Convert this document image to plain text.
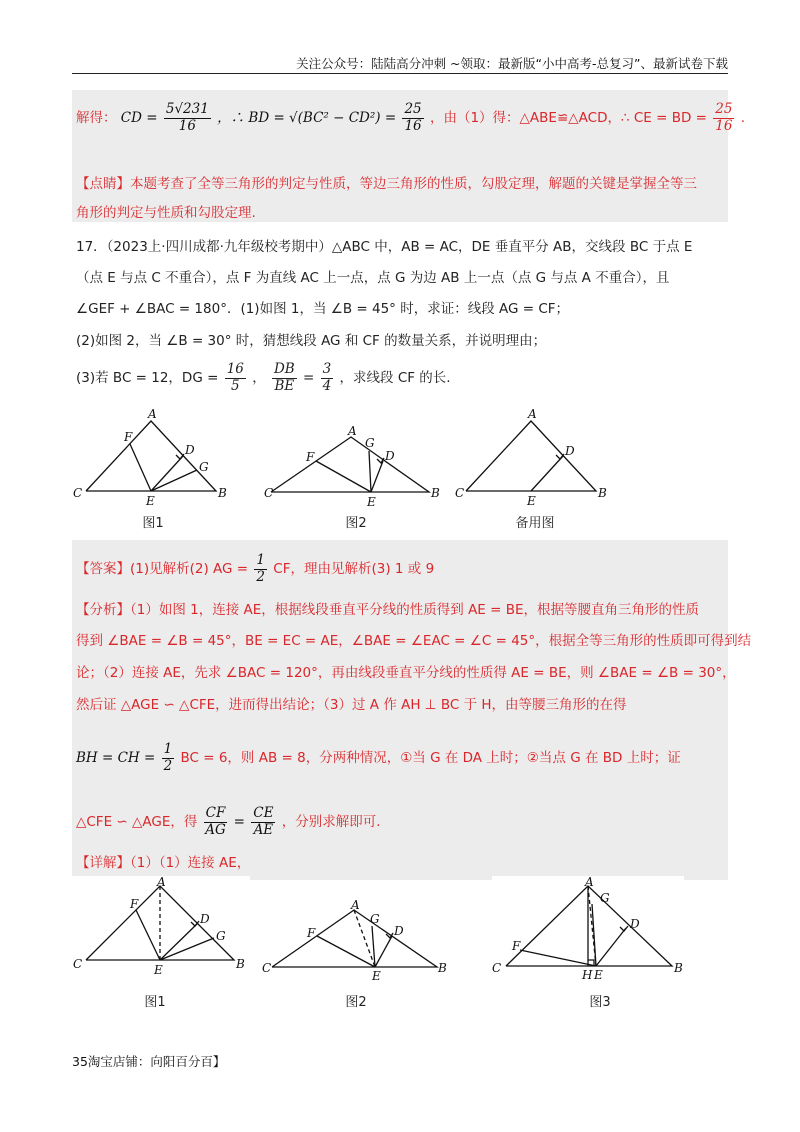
关注公众号：陆陆高分冲刺 ~领取：最新版“小中高考-总复习”、最新试卷下载
解得： CD = $\frac{5√231}{16}$ ，∴ BD = $√(BC^2 - CD^2) = \frac{25}{16}$ ，由（1）得：△ABE≌△ACD，∴ CE = BD = $\frac{25}{16}$ .
【点睛】本题考查了全等三角形的判定与性质，等边三角形的性质，勾股定理，解题的关键是掌握全等三
角形的判定与性质和勾股定理.
17．（2023上·四川成都·九年级校考期中）△ABC 中，AB = AC，DE 垂直平分 AB，交线段 BC 于点 E
（点 E 与点 C 不重合），点 F 为直线 AC 上一点，点 G 为边 AB 上一点（点 G 与点 A 不重合），且
∠GEF + ∠BAC = 180°．(1)如图 1，当 ∠B = 45° 时，求证：线段 AG = CF；
(2)如图 2，当 ∠B = 30° 时，猜想线段 AG 和 CF 的数量关系，并说明理由；
(3)若 BC = 12，DG = $\frac{16}{5}$ ， $\frac{DB}{BE} = \frac{3}{4}$ ，求线段 CF 的长.
A
F
D
G
C
E
B
A
G
D
F
C
E
B
A
D
C
E
B
图1	图2	备用图
【答案】(1)见解析(2) AG = $\frac{1}{2}$ CF，理由见解析(3) 1 或 9
【分析】（1）如图 1，连接 AE，根据线段垂直平分线的性质得到 AE = BE，根据等腰直角三角形的性质
得到 ∠BAE = ∠B = 45°，BE = EC = AE，∠BAE = ∠EAC = ∠C = 45°，根据全等三角形的性质即可得到结
论；（2）连接 AE，先求 ∠BAC = 120°，再由线段垂直平分线的性质得 AE = BE，则 ∠BAE = ∠B = 30°，
然后证 △AGE ∽ △CFE，进而得出结论；（3）过 A 作 AH ⊥ BC 于 H，由等腰三角形的在得
BH = CH = $\frac{1}{2}$ BC = 6，则 AB = 8，分两种情况，①当 G 在 DA 上时；②当点 G 在 BD 上时；证
△CFE ∽ △AGE，得 $\frac{CF}{AG} = \frac{CE}{AE}$ ，分别求解即可.
【详解】（1）（1）连接 AE，
A
F
D
G
C	E	B
A
G
D
F
C
E
B
A
G
D
F
C	H E	B
图1	图2	图3
35淘宝店铺：向阳百分百】
